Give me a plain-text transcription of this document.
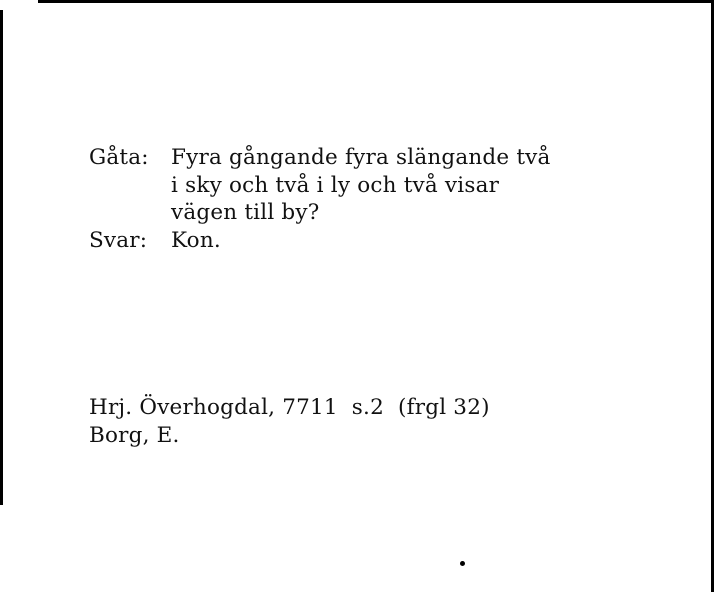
Gåta: Fyra gångande fyra slängande två
i sky och två i ly och två visar
vägen till by?
Svar: Kon.
Hrj. Överhogdal, 7711  s.2  (frgl 32)
Borg, E.
